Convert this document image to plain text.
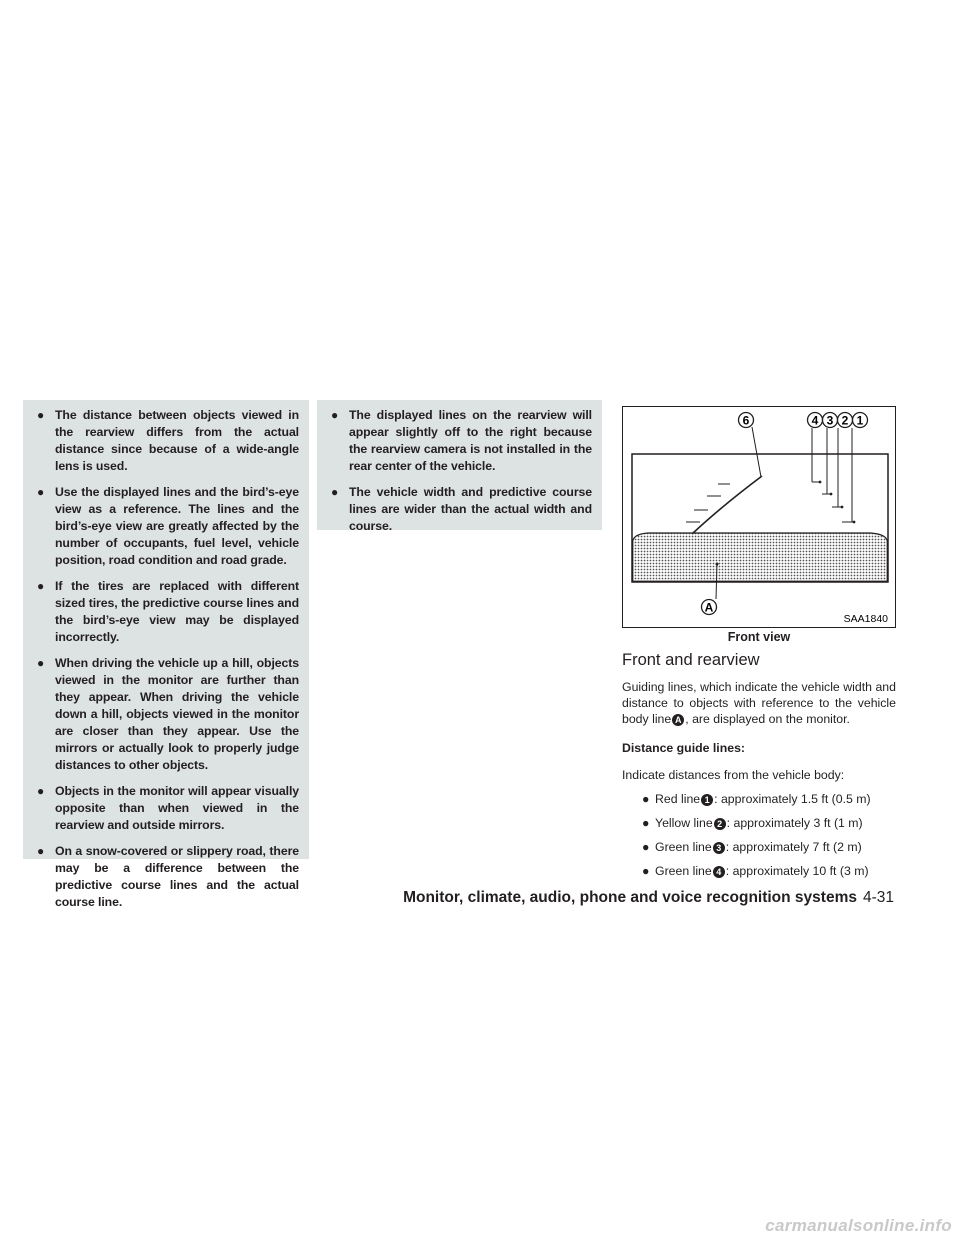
● The distance between objects viewed in the rearview differs from the actual distance since because of a wide-angle lens is used.
● Use the displayed lines and the bird’s-eye view as a reference. The lines and the bird’s-eye view are greatly affected by the number of occupants, fuel level, vehicle position, road condition and road grade.
● If the tires are replaced with different sized tires, the predictive course lines and the bird’s-eye view may be displayed incorrectly.
● When driving the vehicle up a hill, objects viewed in the monitor are further than they appear. When driving the vehicle down a hill, objects viewed in the monitor are closer than they appear. Use the mirrors or actually look to properly judge distances to other objects.
● Objects in the monitor will appear visually opposite than when viewed in the rearview and outside mirrors.
● On a snow-covered or slippery road, there may be a difference between the predictive course lines and the actual course line.
● The displayed lines on the rearview will appear slightly off to the right because the rearview camera is not installed in the rear center of the vehicle.
● The vehicle width and predictive course lines are wider than the actual width and course.
6	4 3 2 1
A
SAA1840
Front view
Front and rearview
Guiding lines, which indicate the vehicle width and distance to objects with reference to the vehicle body line A , are displayed on the monitor.
Distance guide lines:
Indicate distances from the vehicle body:
● Red line 1 : approximately 1.5 ft (0.5 m)
● Yellow line 2 : approximately 3 ft (1 m)
● Green line 3 : approximately 7 ft (2 m)
● Green line 4 : approximately 10 ft (3 m)
Monitor, climate, audio, phone and voice recognition systems 4-31
carmanualsonline.info
